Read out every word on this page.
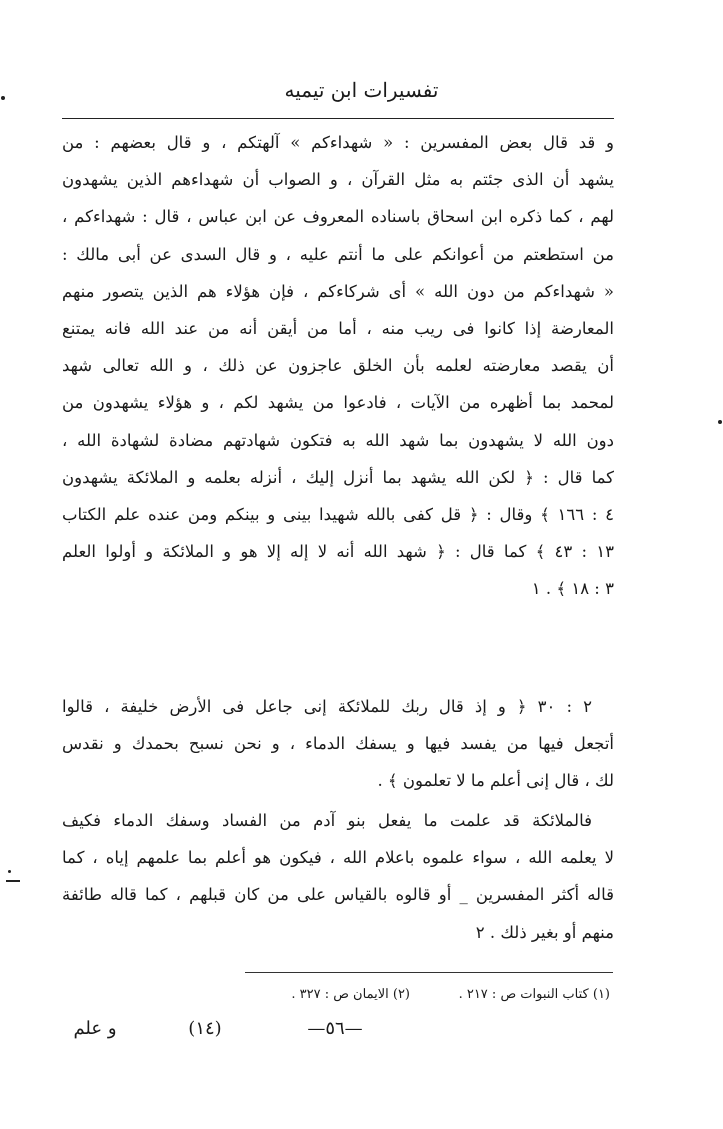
تفسيرات ابن تيميه
و قد قال بعض المفسرين : « شهداءكم » آلهتكم ، و قال بعضهم : من
يشهد أن الذى جئتم به مثل القرآن ، و الصواب أن شهداءهم الذين يشهدون
لهم ، كما ذكره ابن اسحاق باسناده المعروف عن ابن عباس ، قال : شهداءكم ،
من استطعتم من أعوانكم على ما أنتم عليه ، و قال السدى عن أبى مالك :
« شهداءكم من دون الله » أى شركاءكم ، فإن هؤلاء هم الذين يتصور منهم
المعارضة إذا كانوا فى ريب منه ، أما من أيقن أنه من عند الله فانه يمتنع
أن يقصد معارضته لعلمه بأن الخلق عاجزون عن ذلك ، و الله تعالى شهد
لمحمد بما أظهره من الآيات ، فادعوا من يشهد لكم ، و هؤلاء يشهدون من
دون الله لا يشهدون بما شهد الله به فتكون شهادتهم مضادة لشهادة الله ،
كما قال : ﴿ لكن الله يشهد بما أنزل إليك ، أنزله بعلمه و الملائكة يشهدون
٤ : ١٦٦ ﴾ وقال : ﴿ قل كفى بالله شهيدا بينى و بينكم ومن عنده علم الكتاب
١٣ : ٤٣ ﴾ كما قال : ﴿ شهد الله أنه لا إله إلا هو و الملائكة و أولوا العلم
٣ : ١٨ ﴾ . ١
٢ : ٣٠ ﴿ و إذ قال ربك للملائكة إنى جاعل فى الأرض خليفة ، قالوا
أتجعل فيها من يفسد فيها و يسفك الدماء ، و نحن نسبح بحمدك و نقدس
لك ، قال إنى أعلم ما لا تعلمون ﴾ .
فالملائكة قد علمت ما يفعل بنو آدم من الفساد وسفك الدماء فكيف
لا يعلمه الله ، سواء علموه باعلام الله ، فيكون هو أعلم بما علمهم إياه ، كما
قاله أكثر المفسرين _ أو قالوه بالقياس على من كان قبلهم ، كما قاله طائفة
منهم أو بغير ذلك . ٢
(١) كتاب النبوات ص : ٢١٧ .
(٢) الايمان ص : ٣٢٧ .
—٥٦—
(١٤)
و علم
